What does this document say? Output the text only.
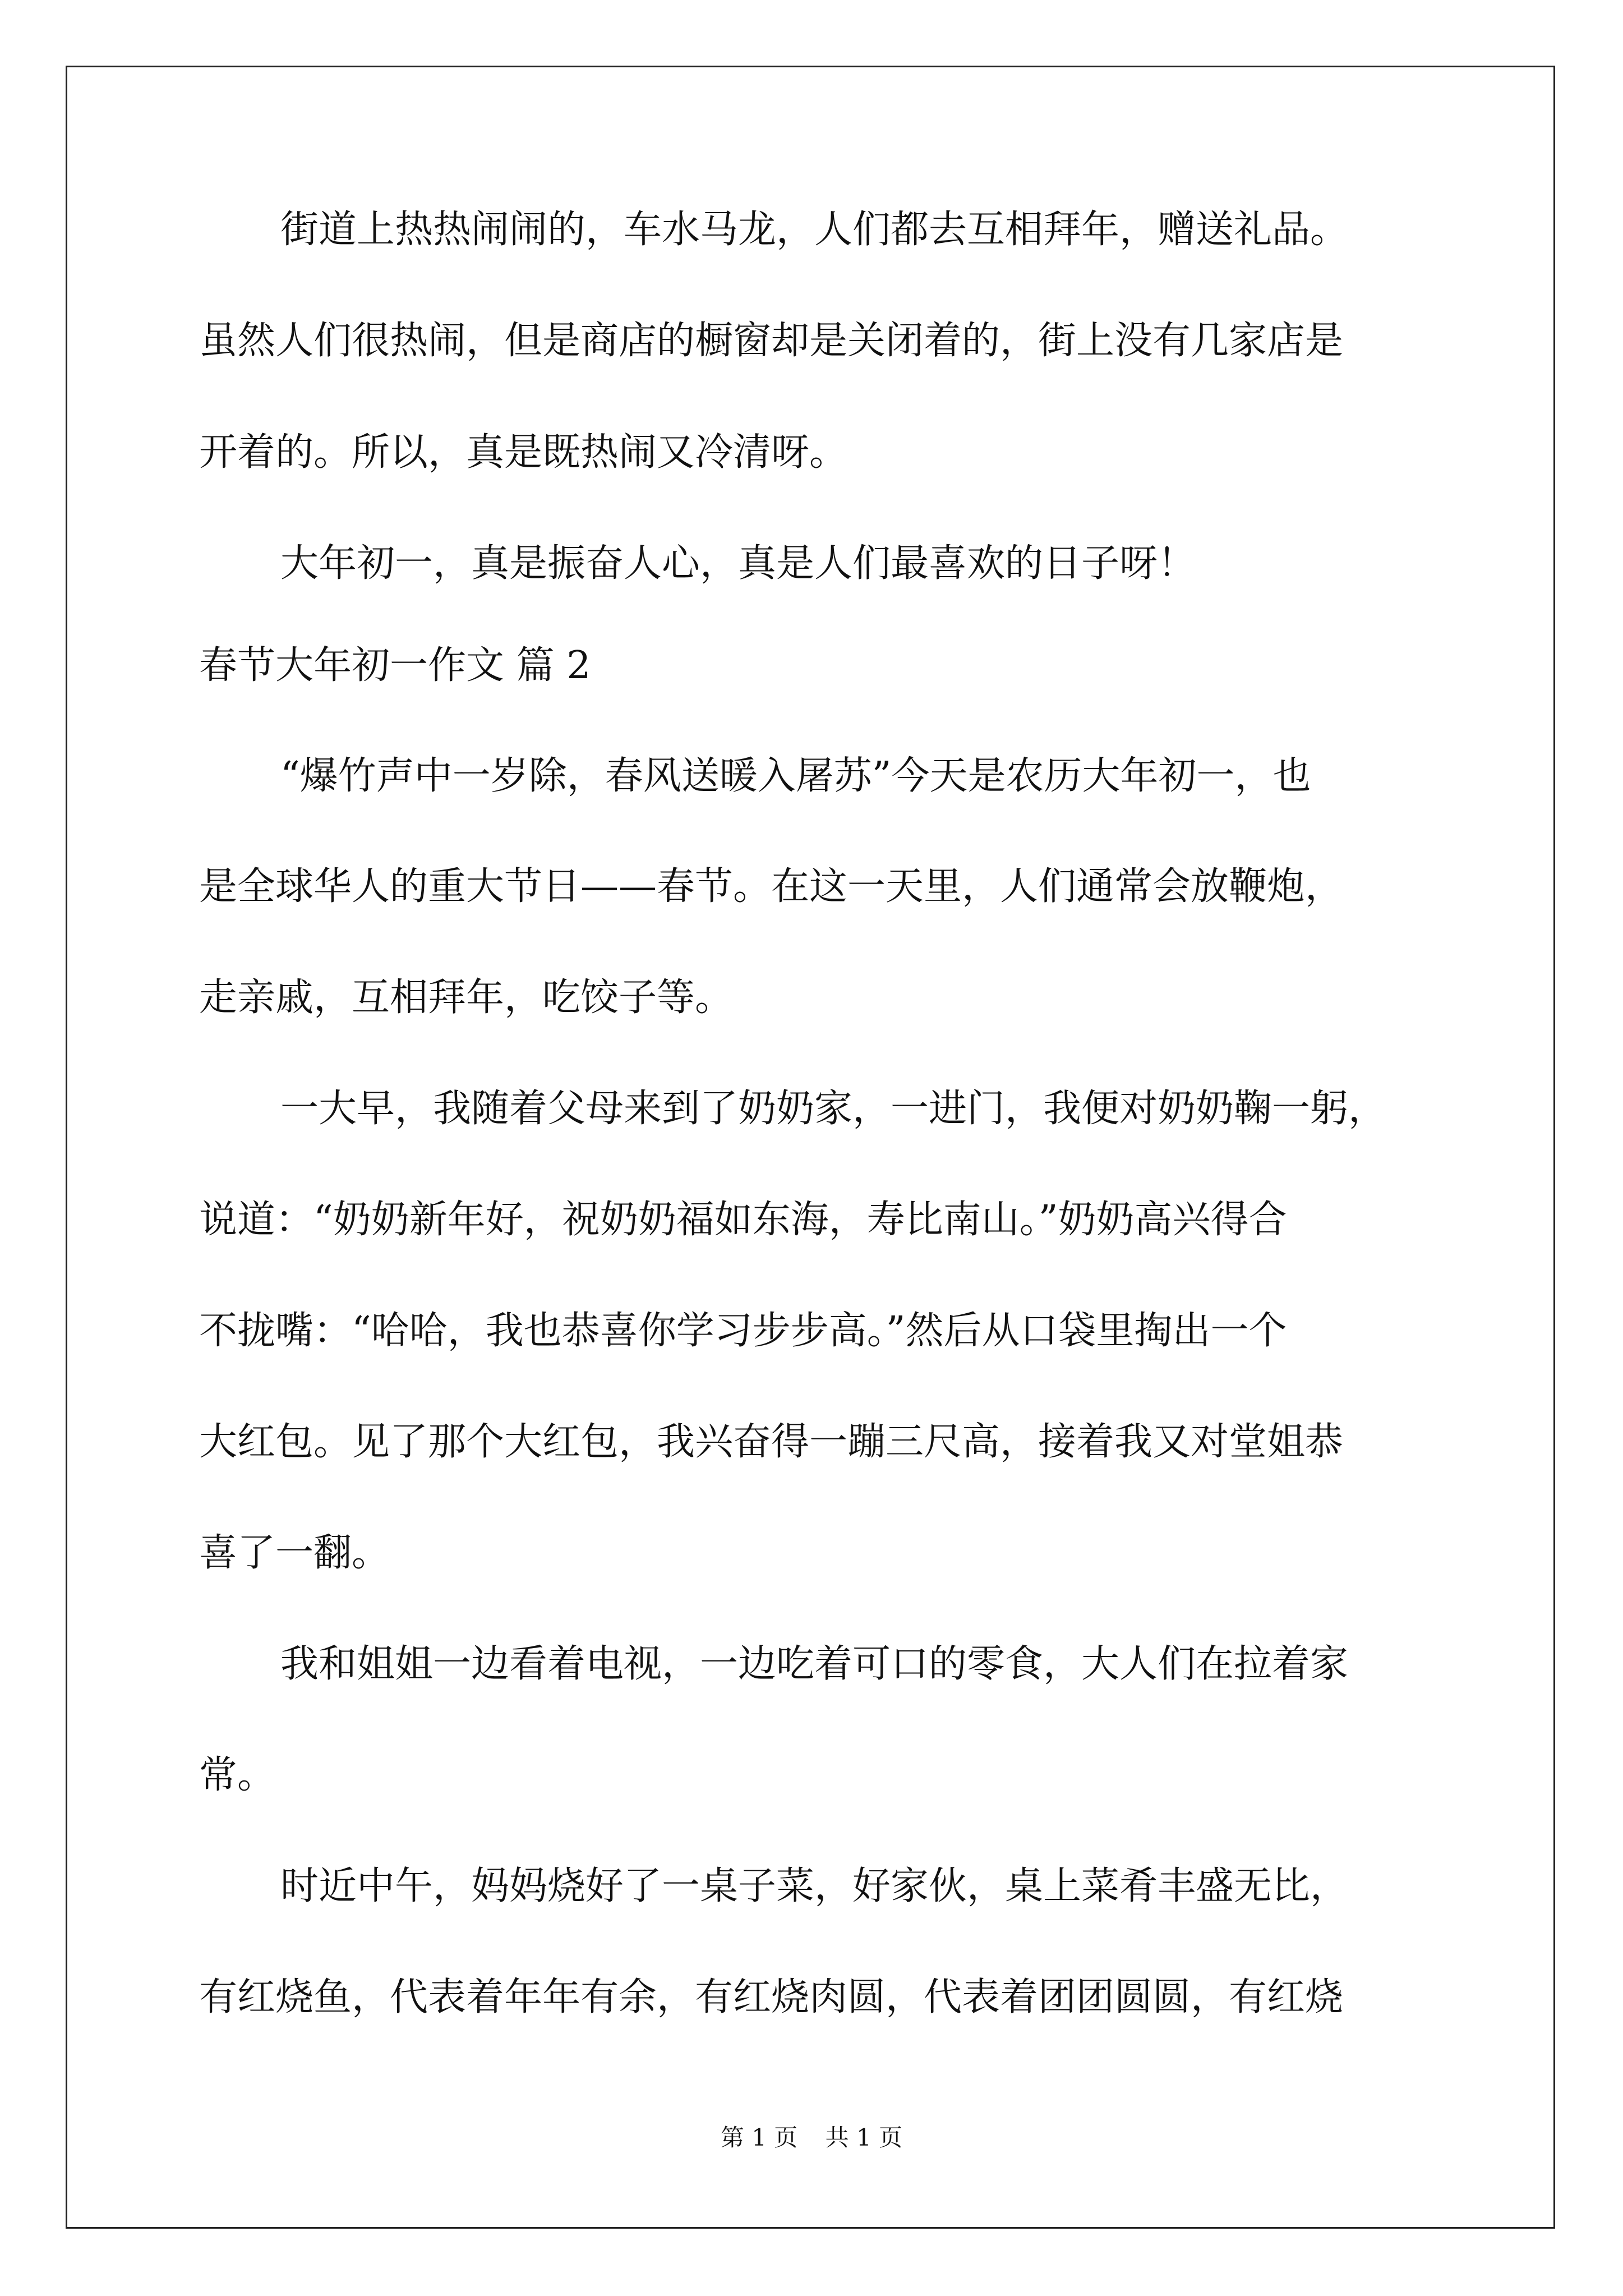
街道上热热闹闹的，车水马龙，人们都去互相拜年，赠送礼品。
虽然人们很热闹，但是商店的橱窗却是关闭着的，街上没有几家店是
开着的。所以，真是既热闹又冷清呀。
大年初一，真是振奋人心，真是人们最喜欢的日子呀！
春节大年初一作文 篇 2
“爆竹声中一岁除，春风送暖入屠苏”今天是农历大年初一，也
是全球华人的重大节日——春节。在这一天里，人们通常会放鞭炮，
走亲戚，互相拜年，吃饺子等。
一大早，我随着父母来到了奶奶家，一进门，我便对奶奶鞠一躬，
说道：“奶奶新年好，祝奶奶福如东海，寿比南山。”奶奶高兴得合
不拢嘴：“哈哈，我也恭喜你学习步步高。”然后从口袋里掏出一个
大红包。见了那个大红包，我兴奋得一蹦三尺高，接着我又对堂姐恭
喜了一翻。
我和姐姐一边看着电视，一边吃着可口的零食，大人们在拉着家
常。
时近中午，妈妈烧好了一桌子菜，好家伙，桌上菜肴丰盛无比，
有红烧鱼，代表着年年有余，有红烧肉圆，代表着团团圆圆，有红烧
第 1 页 共 1 页
